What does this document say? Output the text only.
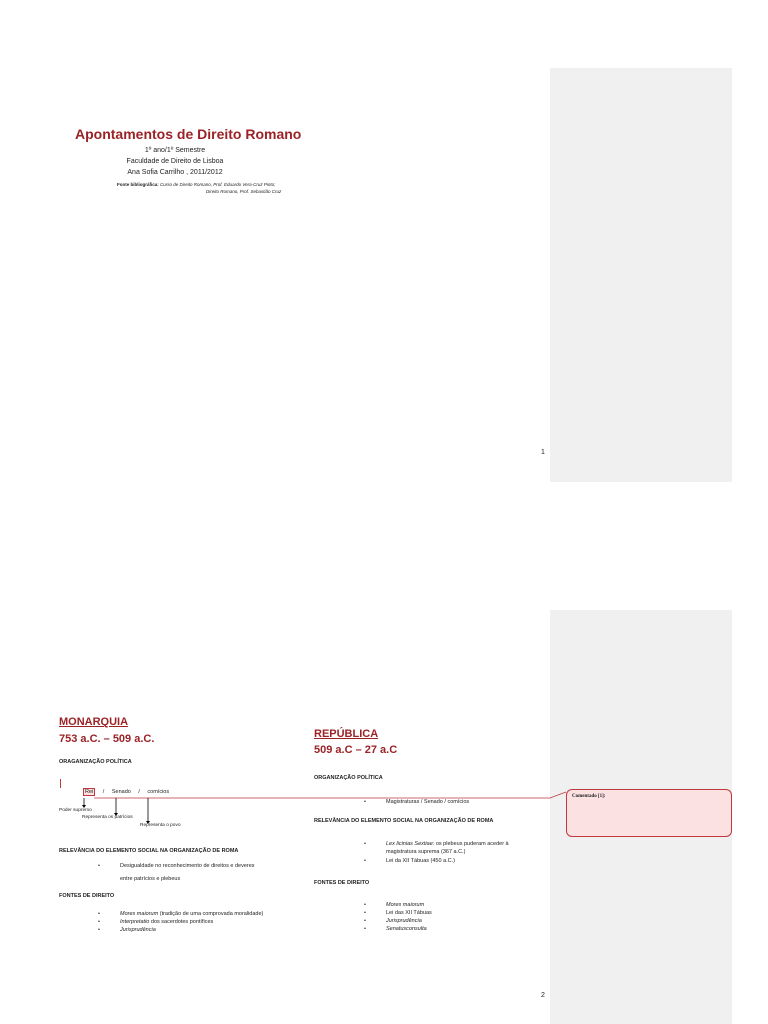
Apontamentos de Direito Romano
1º ano/1º Semestre
Faculdade de Direito de Lisboa
Ana Sofia Carrilho , 2011/2012
Fonte bibliográfica: Curso de Direito Romano, Prof. Eduardo Vera-Cruz Pinto;
Direito Romano, Prof. Sebastião Cruz
1
MONARQUIA
753 a.C. – 509 a.C.
ORAGANIZAÇÃO POLÍTICA
Rei / Senado / comícios
Poder supremo
Representa os patrícios
Representa o povo
RELEVÂNCIA DO ELEMENTO SOCIAL NA ORGANIZAÇÃO DE ROMA
• Desigualdade no reconhecimento de direitos e deveres
entre patrícios e plebeus
FONTES DE DIREITO
• Mores maiorum (tradição de uma comprovada moralidade)
• Interpretatio dos sacerdotes pontífices
• Jurisprudência
REPÚBLICA
509 a.C – 27 a.C
ORGANIZAÇÃO POLÍTICA
• Magistraturas / Senado / comícios
RELEVÂNCIA DO ELEMENTO SOCIAL NA ORGANIZAÇÃO DE ROMA
• Lex licinias Sextiae: os plebeus puderam aceder à
magistratura suprema (367 a.C.)
• Lei da XII Tábuas (450 a.C.)
FONTES DE DIREITO
• Mores maiorum
• Lei das XII Tábuas
• Jurisprudência
• Senatusconsulta
Comentado [1]:
2
